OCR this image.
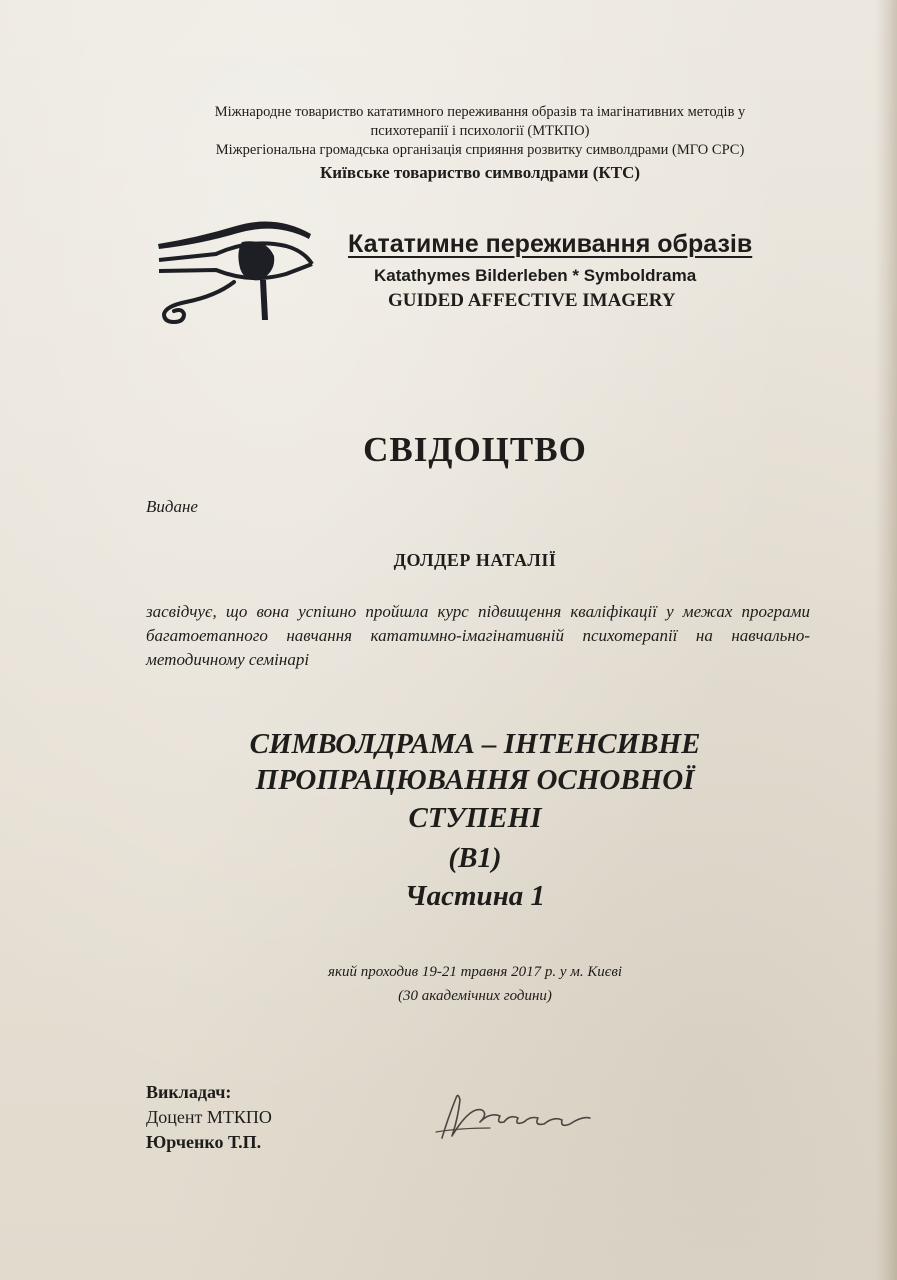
Міжнародне товариство кататимного переживання образів та імагінативних методів у
психотерапії і психології (МТКПО)
Міжрегіональна громадська організація сприяння розвитку символдрами (МГО СРС)
Київське товариство символдрами (КТС)
Кататимне переживання образів
Katathymes Bilderleben * Symboldrama
GUIDED AFFECTIVE IMAGERY
СВІДОЦТВО
Видане
ДОЛДЕР НАТАЛІЇ
засвідчує, що вона успішно пройшла курс підвищення кваліфікації у межах програми багатоетапного навчання кататимно-імагінативній психотерапії на навчально-методичному семінарі
СИМВОЛДРАМА – ІНТЕНСИВНЕ
ПРОПРАЦЮВАННЯ ОСНОВНОЇ
СТУПЕНІ
(В1)
Частина 1
який проходив 19-21 травня 2017 р. у м. Києві
(30 академічних години)
Викладач:
Доцент МТКПО
Юрченко Т.П.
